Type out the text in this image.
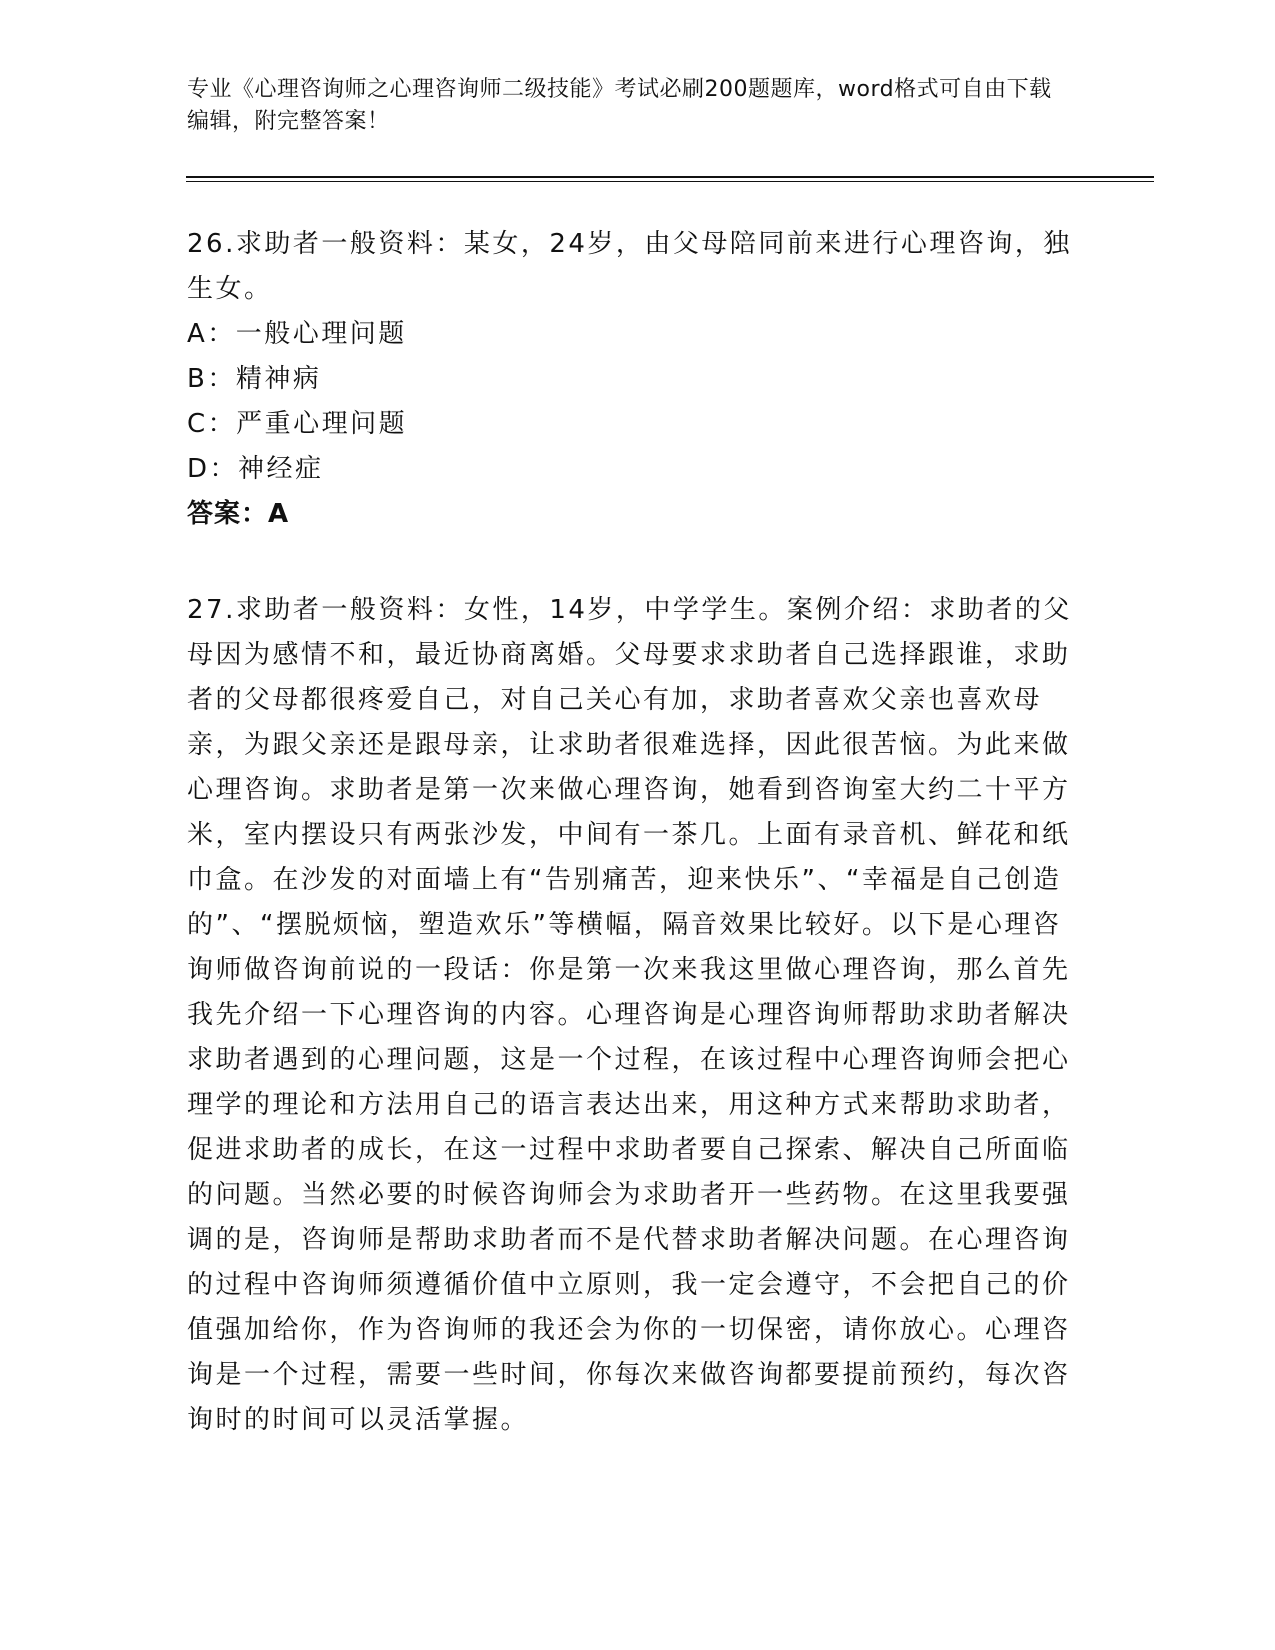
专业《心理咨询师之心理咨询师二级技能》考试必刷200题题库，word格式可自由下载编辑，附完整答案！
26.求助者一般资料：某女，24岁，由父母陪同前来进行心理咨询，独生女。
A：一般心理问题
B：精神病
C：严重心理问题
D：神经症
答案：A
27.求助者一般资料：女性，14岁，中学学生。案例介绍：求助者的父母因为感情不和，最近协商离婚。父母要求求助者自己选择跟谁，求助者的父母都很疼爱自己，对自己关心有加，求助者喜欢父亲也喜欢母亲，为跟父亲还是跟母亲，让求助者很难选择，因此很苦恼。为此来做心理咨询。求助者是第一次来做心理咨询，她看到咨询室大约二十平方米，室内摆设只有两张沙发，中间有一茶几。上面有录音机、鲜花和纸巾盒。在沙发的对面墙上有“告别痛苦，迎来快乐”、“幸福是自己创造的”、“摆脱烦恼，塑造欢乐”等横幅，隔音效果比较好。以下是心理咨询师做咨询前说的一段话：你是第一次来我这里做心理咨询，那么首先我先介绍一下心理咨询的内容。心理咨询是心理咨询师帮助求助者解决求助者遇到的心理问题，这是一个过程，在该过程中心理咨询师会把心理学的理论和方法用自己的语言表达出来，用这种方式来帮助求助者，促进求助者的成长，在这一过程中求助者要自己探索、解决自己所面临的问题。当然必要的时候咨询师会为求助者开一些药物。在这里我要强调的是，咨询师是帮助求助者而不是代替求助者解决问题。在心理咨询的过程中咨询师须遵循价值中立原则，我一定会遵守，不会把自己的价值强加给你，作为咨询师的我还会为你的一切保密，请你放心。心理咨询是一个过程，需要一些时间，你每次来做咨询都要提前预约，每次咨询时的时间可以灵活掌握。
